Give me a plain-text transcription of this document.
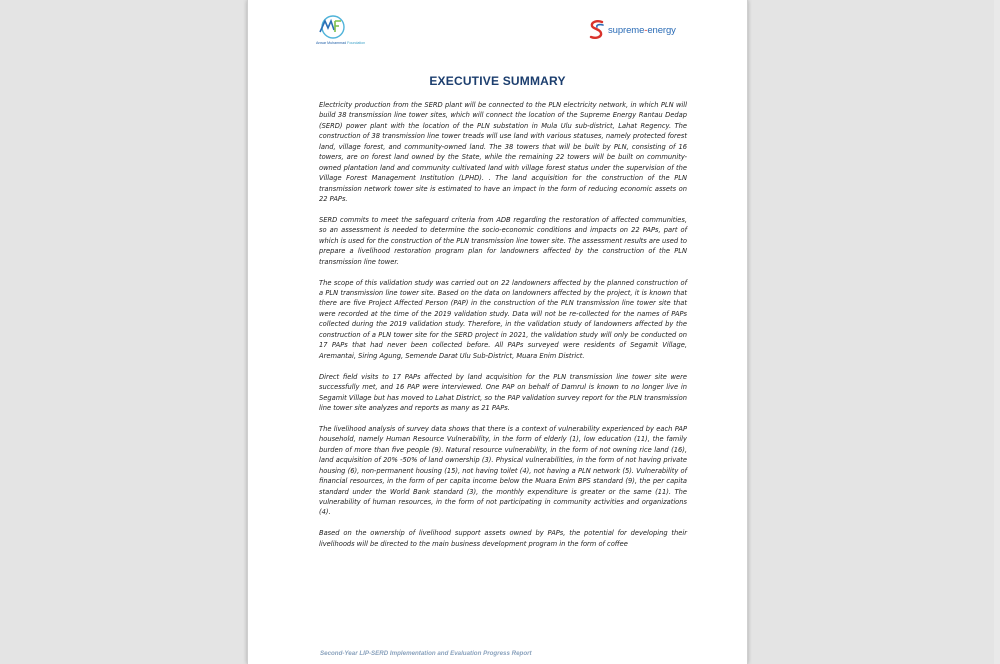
Anwar Muhammad Foundation
supreme-energy
EXECUTIVE SUMMARY

Electricity production from the SERD plant will be connected to the PLN electricity network, in which PLN will build 38 transmission line tower sites, which will connect the location of the Supreme Energy Rantau Dedap (SERD) power plant with the location of the PLN substation in Mula Ulu sub-district, Lahat Regency. The construction of 38 transmission line tower treads will use land with various statuses, namely protected forest land, village forest, and community-owned land. The 38 towers that will be built by PLN, consisting of 16 towers, are on forest land owned by the State, while the remaining 22 towers will be built on community-owned plantation land and community cultivated land with village forest status under the supervision of the Village Forest Management Institution (LPHD). . The land acquisition for the construction of the PLN transmission network tower site is estimated to have an impact in the form of reducing economic assets on 22 PAPs.

SERD commits to meet the safeguard criteria from ADB regarding the restoration of affected communities, so an assessment is needed to determine the socio-economic conditions and impacts on 22 PAPs, part of which is used for the construction of the PLN transmission line tower site. The assessment results are used to prepare a livelihood restoration program plan for landowners affected by the construction of the PLN transmission line tower.

The scope of this validation study was carried out on 22 landowners affected by the planned construction of a PLN transmission line tower site. Based on the data on landowners affected by the project, it is known that there are five Project Affected Person (PAP) in the construction of the PLN transmission line tower site that were recorded at the time of the 2019 validation study. Data will not be re-collected for the names of PAPs collected during the 2019 validation study. Therefore, in the validation study of landowners affected by the construction of a PLN tower site for the SERD project in 2021, the validation study will only be conducted on 17 PAPs that had never been collected before. All PAPs surveyed were residents of Segamit Village, Aremantai, Siring Agung, Semende Darat Ulu Sub-District, Muara Enim District.

Direct field visits to 17 PAPs affected by land acquisition for the PLN transmission line tower site were successfully met, and 16 PAP were interviewed. One PAP on behalf of Damrul is known to no longer live in Segamit Village but has moved to Lahat District, so the PAP validation survey report for the PLN transmission line tower site analyzes and reports as many as 21 PAPs.

The livelihood analysis of survey data shows that there is a context of vulnerability experienced by each PAP household, namely Human Resource Vulnerability, in the form of elderly (1), low education (11), the family burden of more than five people (9). Natural resource vulnerability, in the form of not owning rice land (16), land acquisition of 20% -50% of land ownership (3). Physical vulnerabilities, in the form of not having private housing (6), non-permanent housing (15), not having toilet (4), not having a PLN network (5). Vulnerability of financial resources, in the form of per capita income below the Muara Enim BPS standard (9), the per capita standard under the World Bank standard (3), the monthly expenditure is greater or the same (11). The vulnerability of human resources, in the form of not participating in community activities and organizations (4).

Based on the ownership of livelihood support assets owned by PAPs, the potential for developing their livelihoods will be directed to the main business development program in the form of coffee

Second-Year LIP-SERD Implementation and Evaluation Progress Report
